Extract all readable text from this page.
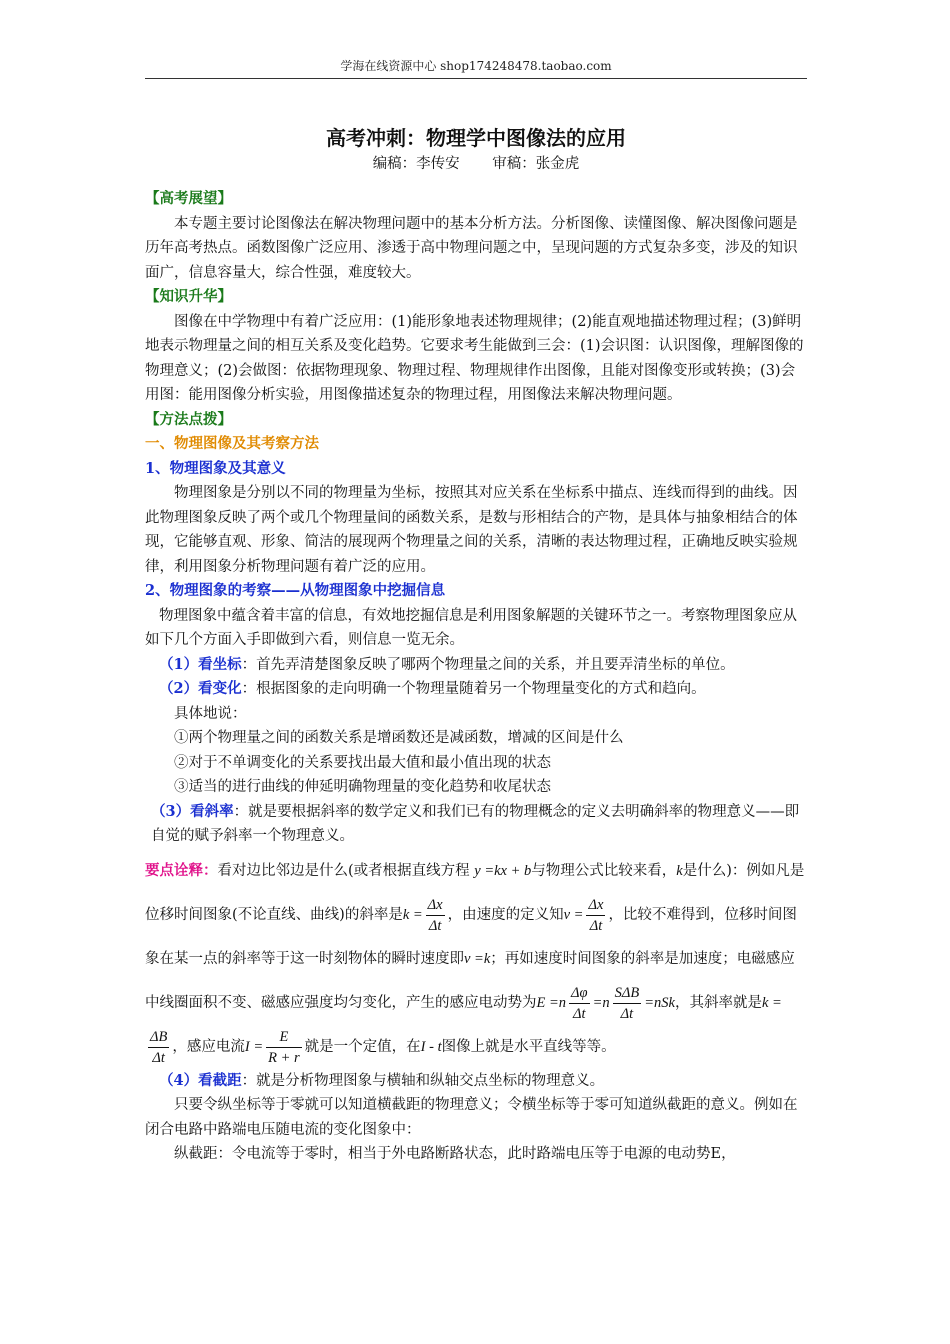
学海在线资源中心 shop174248478.taobao.com
高考冲刺：物理学中图像法的应用
编稿：李传安 审稿：张金虎

【高考展望】

本专题主要讨论图像法在解决物理问题中的基本分析方法。分析图像、读懂图像、解决图像问题是历年高考热点。函数图像广泛应用、渗透于高中物理问题之中，呈现问题的方式复杂多变，涉及的知识面广，信息容量大，综合性强，难度较大。

【知识升华】

图像在中学物理中有着广泛应用：(1)能形象地表述物理规律；(2)能直观地描述物理过程；(3)鲜明地表示物理量之间的相互关系及变化趋势。它要求考生能做到三会：(1)会识图：认识图像，理解图像的物理意义；(2)会做图：依据物理现象、物理过程、物理规律作出图像，且能对图像变形或转换；(3)会用图：能用图像分析实验，用图像描述复杂的物理过程，用图像法来解决物理问题。

【方法点拨】

一、物理图像及其考察方法

1、物理图象及其意义

物理图象是分别以不同的物理量为坐标，按照其对应关系在坐标系中描点、连线而得到的曲线。因此物理图象反映了两个或几个物理量间的函数关系，是数与形相结合的产物，是具体与抽象相结合的体现，它能够直观、形象、简洁的展现两个物理量之间的关系，清晰的表达物理过程，正确地反映实验规律，利用图象分析物理问题有着广泛的应用。

2、物理图象的考察——从物理图象中挖掘信息

物理图象中蕴含着丰富的信息，有效地挖掘信息是利用图象解题的关键环节之一。考察物理图象应从如下几个方面入手即做到六看，则信息一览无余。

（1）看坐标：首先弄清楚图象反映了哪两个物理量之间的关系，并且要弄清坐标的单位。

（2）看变化：根据图象的走向明确一个物理量随着另一个物理量变化的方式和趋向。

具体地说：

①两个物理量之间的函数关系是增函数还是减函数，增减的区间是什么

②对于不单调变化的关系要找出最大值和最小值出现的状态

③适当的进行曲线的伸延明确物理量的变化趋势和收尾状态

（3）看斜率：就是要根据斜率的数学定义和我们已有的物理概念的定义去明确斜率的物理意义——即自觉的赋予斜率一个物理意义。

要点诠释：看对边比邻边是什么(或者根据直线方程 y =kx + b与物理公式比较来看，k是什么)：例如凡是位移时间图象(不论直线、曲线)的斜率是$k = \frac{\Delta x}{\Delta t}$ ，由速度的定义知$v = \frac{\Delta x}{\Delta t}$ ，比较不难得到，位移时间图象在某一点的斜率等于这一时刻物体的瞬时速度即v =k；再如速度时间图象的斜率是加速度；电磁感应中线圈面积不变、磁感应强度均匀变化，产生的感应电动势为$E =n \frac{\Delta\varphi}{\Delta t} =n \frac{\text{SΔB}}{\Delta t} =nSk$，其斜率就是k =
$\frac{\Delta B}{\Delta t}$ ，感应电流$I = \frac{E}{R + r}$ 就是一个定值，在I - t图像上就是水平直线等等。

（4）看截距：就是分析物理图象与横轴和纵轴交点坐标的物理意义。

只要令纵坐标等于零就可以知道横截距的物理意义；令横坐标等于零可知道纵截距的意义。例如在闭合电路中路端电压随电流的变化图象中：

纵截距：令电流等于零时，相当于外电路断路状态，此时路端电压等于电源的电动势E，
